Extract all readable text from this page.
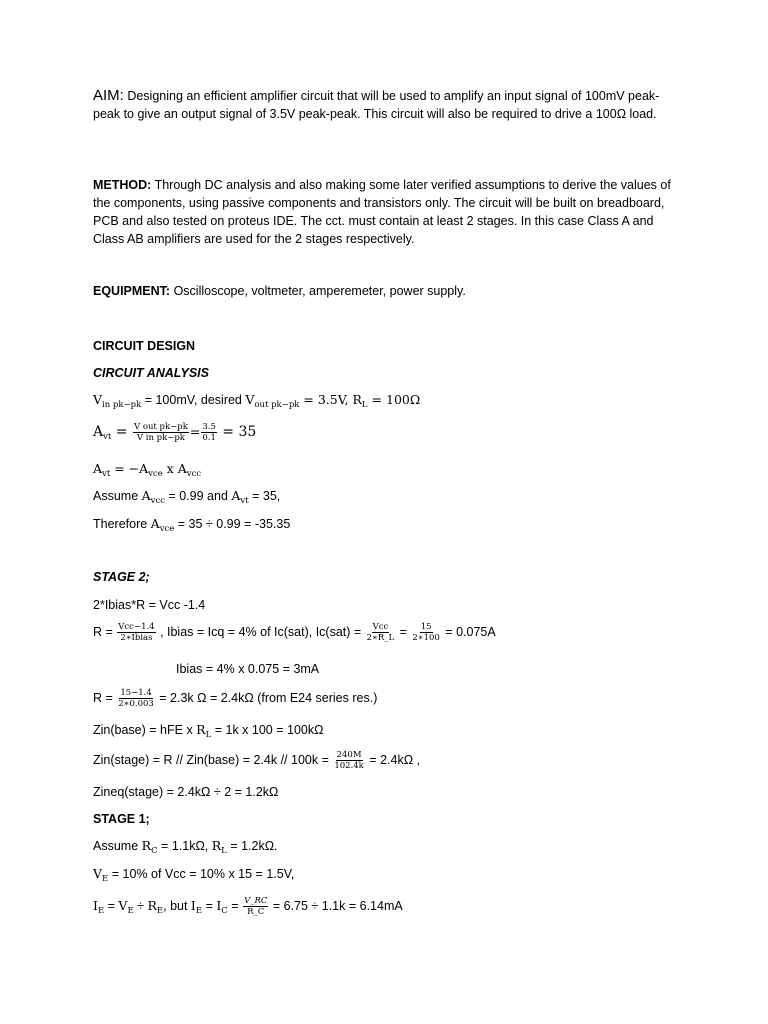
AIM: Designing an efficient amplifier circuit that will be used to amplify an input signal of 100mV peak-peak to give an output signal of 3.5V peak-peak. This circuit will also be required to drive a 100Ω load.
METHOD: Through DC analysis and also making some later verified assumptions to derive the values of the components, using passive components and transistors only. The circuit will be built on breadboard, PCB and also tested on proteus IDE. The cct. must contain at least 2 stages. In this case Class A and Class AB amplifiers are used for the 2 stages respectively.
EQUIPMENT: Oscilloscope, voltmeter, amperemeter, power supply.
CIRCUIT DESIGN
CIRCUIT ANALYSIS
$V_{in pk-pk} = 100mV$, desired $V_{out pk-pk} = 3.5V$, $R_L = 100\Omega$
$A_{vt} = \frac{\text{V out pk−pk}}{\text{V in pk−pk}} = \frac{3.5}{0.1} = 35$
$A_{vt} = -A_{vce}$ x $A_{vcc}$
Assume $A_{vcc} = 0.99$ and $A_{vt} = 35$,
Therefore $A_{vce} = 35 \div 0.99 = -35.35$
STAGE 2;
2*Ibias*R = Vcc -1.4
$R = \frac{\text{Vcc−1.4}}{\text{2∗Ibias}}$ , Ibias = Icq = 4% of Ic(sat), $Ic(sat) = \frac{\text{Vcc}}{2∗R\_L} = \frac{15}{2∗100} = 0.075A$
Ibias = 4% x 0.075 = 3mA
$R = \frac{15-1.4}{2∗0.003} = 2.3k$ Ω = 2.4kΩ (from E24 series res.)
Zin(base) = hFE x $R_L = 1k$ x 100 = 100kΩ
Zin(stage) = R // Zin(base) = $2.4k // 100k = \frac{240M}{102.4k} = 2.4k\Omega$ ,
Zineq(stage) = 2.4kΩ ÷ 2 = 1.2kΩ
STAGE 1;
Assume $R_C = 1.1k\Omega$, $R_L = 1.2k\Omega$.
$V_E = 10\%$ of Vcc = 10% x 15 = 1.5V,
$I_E = V_E \div R_E$, but $I_E = I_C = \frac{V\_RC}{R\_C} = 6.75 \div 1.1k = 6.14mA$
